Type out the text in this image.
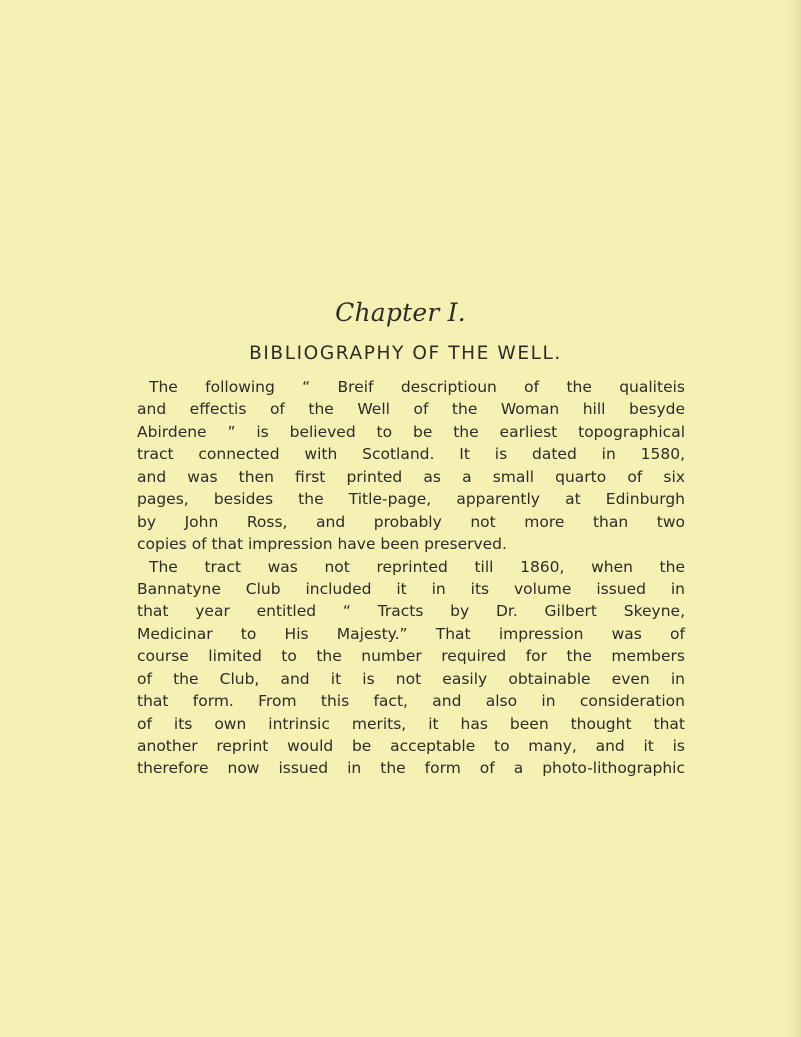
Chapter I.
BIBLIOGRAPHY OF THE WELL.
The following “ Breif descriptioun of the qualiteis
and effectis of the Well of the Woman hill besyde
Abirdene ” is believed to be the earliest topographical
tract connected with Scotland. It is dated in 1580,
and was then first printed as a small quarto of six
pages, besides the Title-page, apparently at Edinburgh
by John Ross, and probably not more than two
copies of that impression have been preserved.
The tract was not reprinted till 1860, when the
Bannatyne Club included it in its volume issued in
that year entitled “ Tracts by Dr. Gilbert Skeyne,
Medicinar to His Majesty.” That impression was of
course limited to the number required for the members
of the Club, and it is not easily obtainable even in
that form. From this fact, and also in consideration
of its own intrinsic merits, it has been thought that
another reprint would be acceptable to many, and it is
therefore now issued in the form of a photo-lithographic
